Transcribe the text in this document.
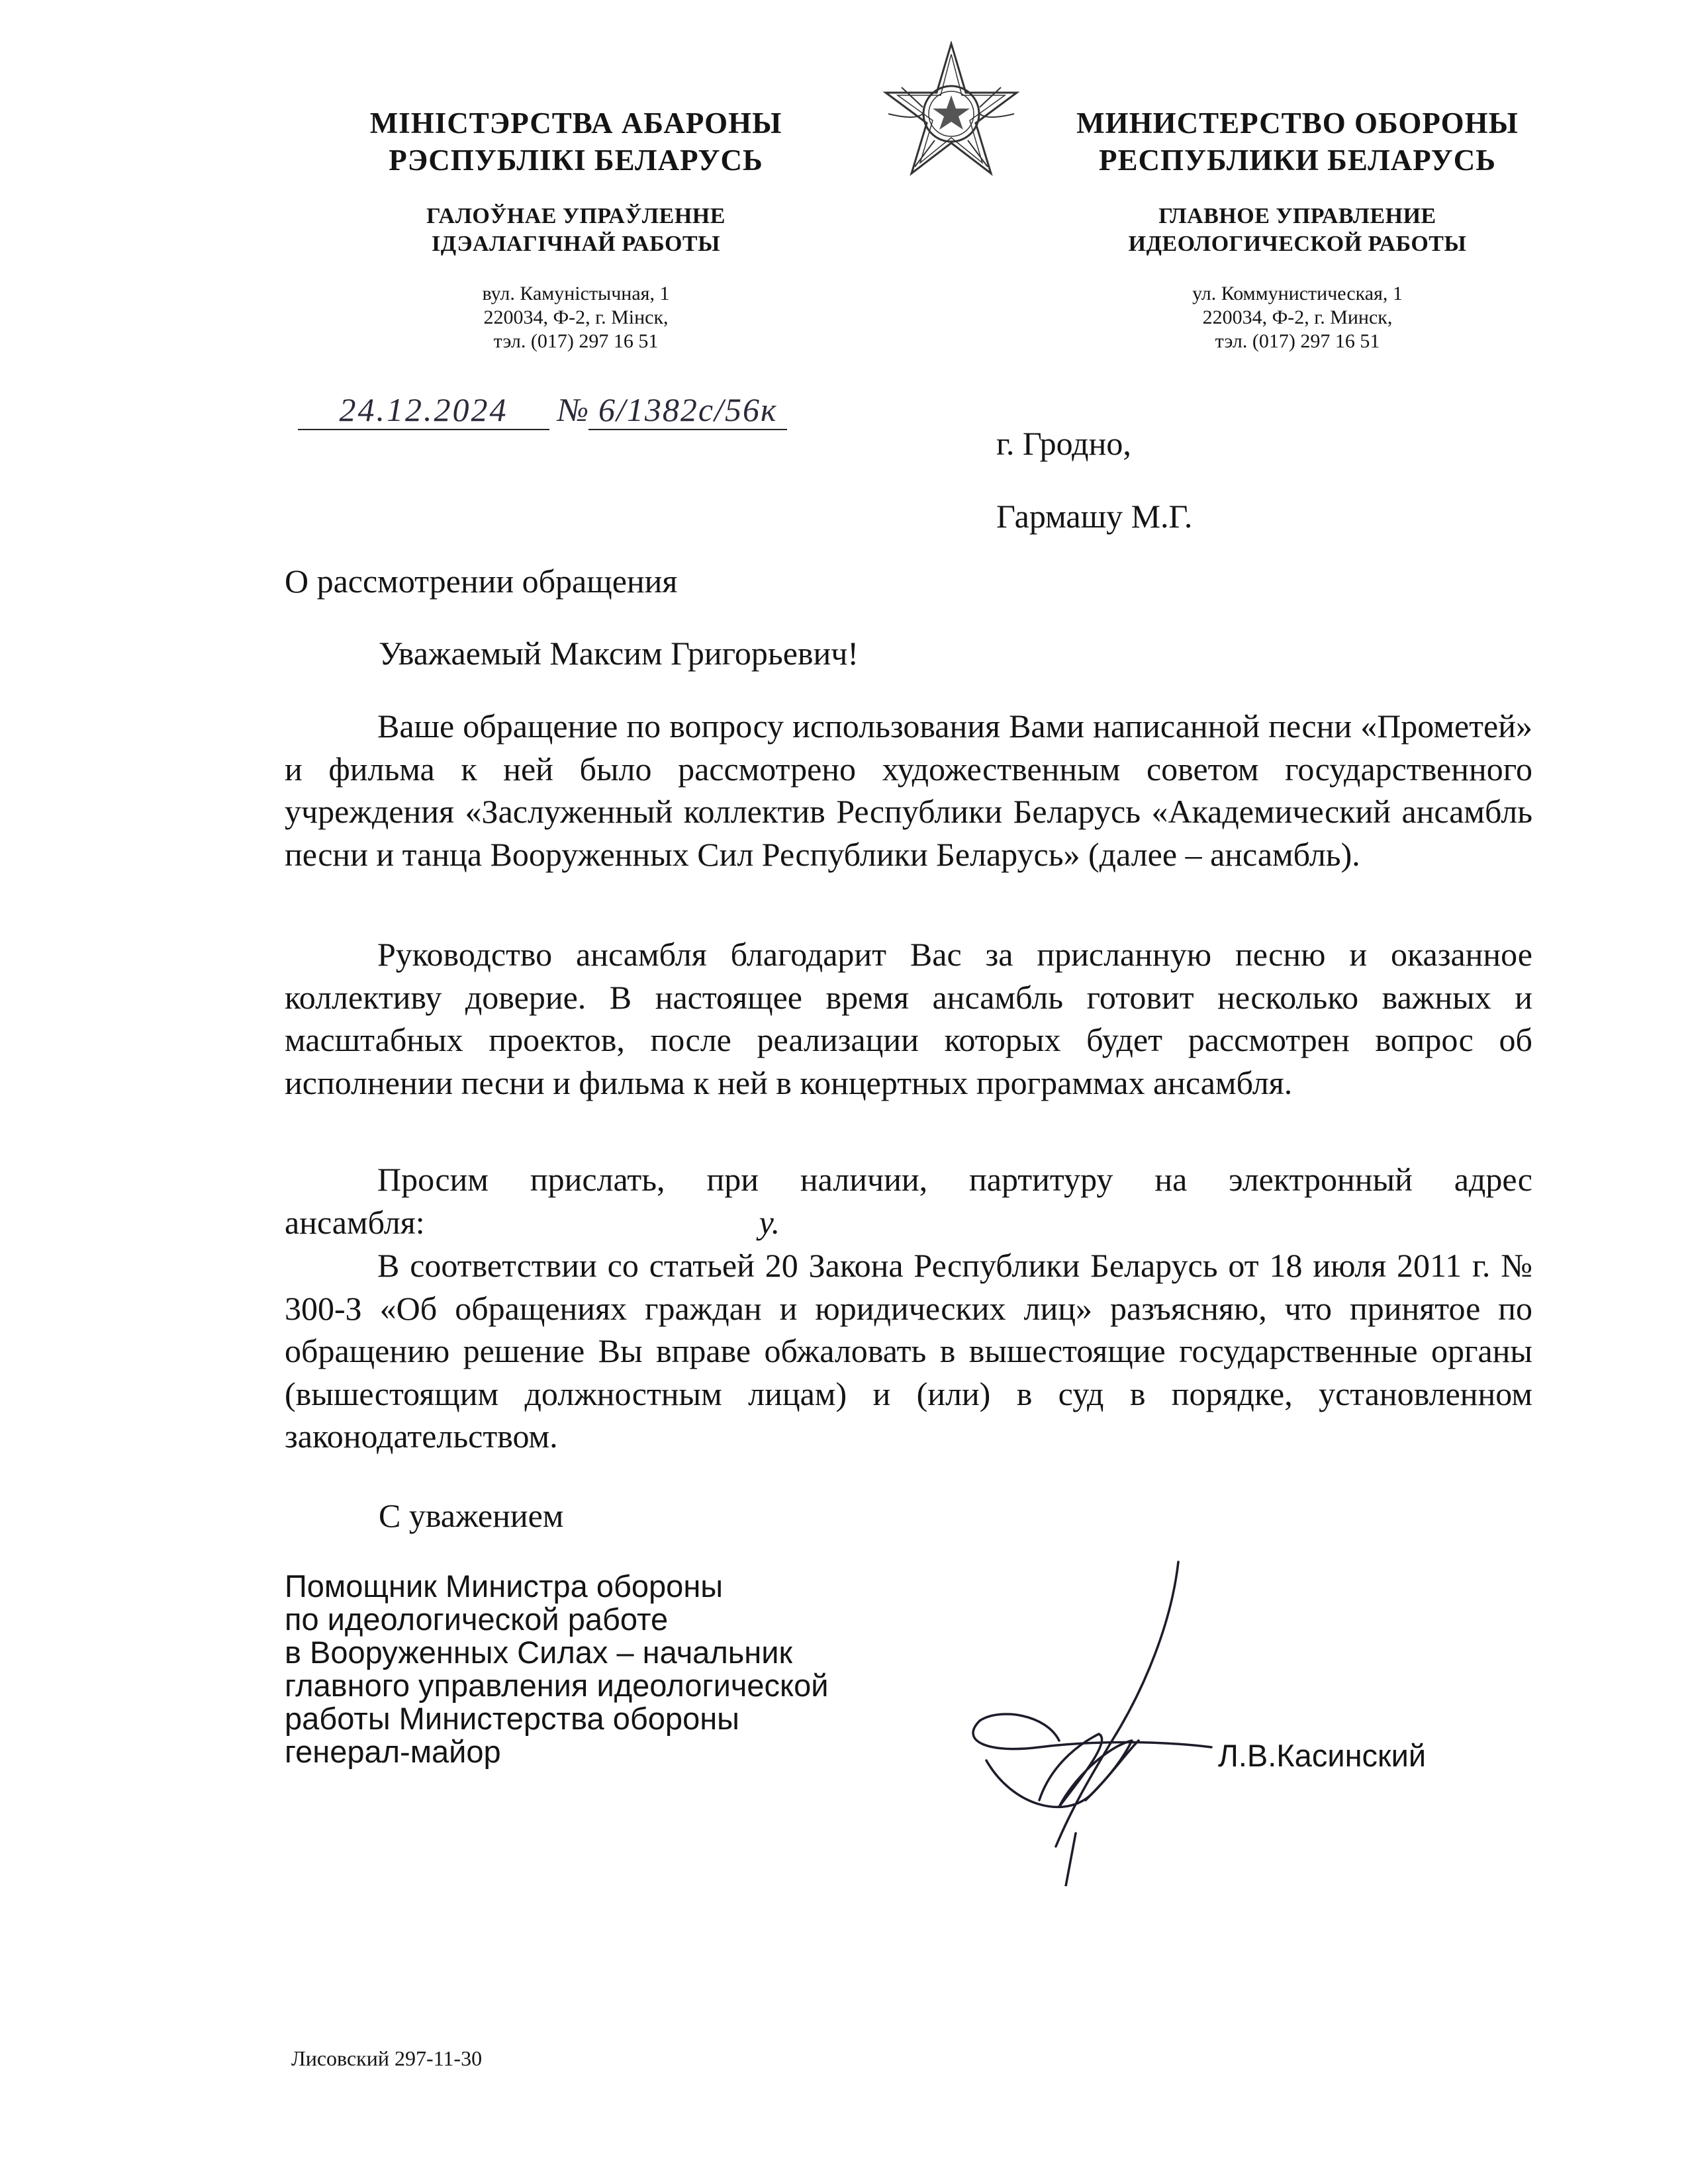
МІНІСТЭРСТВА АБАРОНЫ
РЭСПУБЛІКІ БЕЛАРУСЬ
ГАЛОЎНАЕ УПРАЎЛЕННЕ
ІДЭАЛАГІЧНАЙ РАБОТЫ
вул. Камуністычная, 1
220034, Ф-2, г. Мінск,
тэл. (017) 297 16 51
МИНИСТЕРСТВО ОБОРОНЫ
РЕСПУБЛИКИ БЕЛАРУСЬ
ГЛАВНОЕ УПРАВЛЕНИЕ
ИДЕОЛОГИЧЕСКОЙ РАБОТЫ
ул. Коммунистическая, 1
220034, Ф-2, г. Минск,
тэл. (017) 297 16 51
24.12.2024 № 6/1382с/56к
г. Гродно,
Гармашу М.Г.
О рассмотрении обращения
Уважаемый Максим Григорьевич!

Ваше обращение по вопросу использования Вами написанной песни «Прометей» и фильма к ней было рассмотрено художественным советом государственного учреждения «Заслуженный коллектив Республики Беларусь «Академический ансамбль песни и танца Вооруженных Сил Республики Беларусь» (далее – ансамбль).

Руководство ансамбля благодарит Вас за присланную песню и оказанное коллективу доверие. В настоящее время ансамбль готовит несколько важных и масштабных проектов, после реализации которых будет рассмотрен вопрос об исполнении песни и фильма к ней в концертных программах ансамбля.

Просим прислать, при наличии, партитуру на электронный адрес

ансамбля:	у.

В соответствии со статьей 20 Закона Республики Беларусь от 18 июля 2011 г. № 300-З «Об обращениях граждан и юридических лиц» разъясняю, что принятое по обращению решение Вы вправе обжаловать в вышестоящие государственные органы (вышестоящим должностным лицам) и (или) в суд в порядке, установленном законодательством.

С уважением
Помощник Министра обороны
по идеологической работе
в Вооруженных Силах – начальник
главного управления идеологической
работы Министерства обороны
генерал-майор	Л.В.Касинский
Лисовский 297-11-30
